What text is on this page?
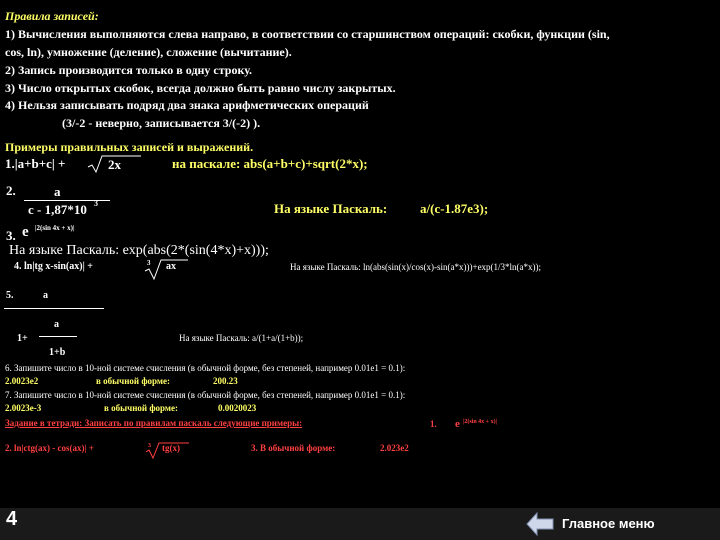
Правила записей:
1) Вычисления выполняются слева направо, в соответствии со старшинством операций: скобки, функции (sin,
cos, ln), умножение (деление), сложение (вычитание).
2) Запись производится только в одну строку.
3) Число открытых скобок, всегда должно быть равно числу закрытых.
4) Нельзя записывать подряд два знака арифметических операций
(3/-2 - неверно, записывается 3/(-2) ).
Примеры правильных записей и выражений.
1.|a+b+c| +	2x	на паскале: abs(a+b+c)+sqrt(2*x);
2.	a
c - 1,87*10 3	На языке Паскаль:	a/(c-1.87e3);
3. e |2(sin 4x + x)|
На языке Паскаль: exp(abs(2*(sin(4*x)+x)));
4. ln|tg x-sin(ax)| +	3 ax	На языке Паскаль: ln(abs(sin(x)/cos(x)-sin(a*x)))+exp(1/3*ln(a*x));
5.	a
a
1+
1+b
На языке Паскаль: a/(1+a/(1+b));
6. Запишите число в 10-ной системе счисления (в обычной форме, без степеней, например 0.01е1 = 0.1):
2.0023e2	в обычной форме:	200.23
7. Запишите число в 10-ной системе счисления (в обычной форме, без степеней, например 0.01е1 = 0.1):
2.0023e-3	в обычной форме:	0.0020023
Задание в тетради: Записать по правилам паскаль следующие примеры:	1. e |2(sin 4x + x)|
2. ln|ctg(ax) - cos(ax)| +	3 tg(x)	3. В обычной форме:	2.023e2
4	Главное меню
